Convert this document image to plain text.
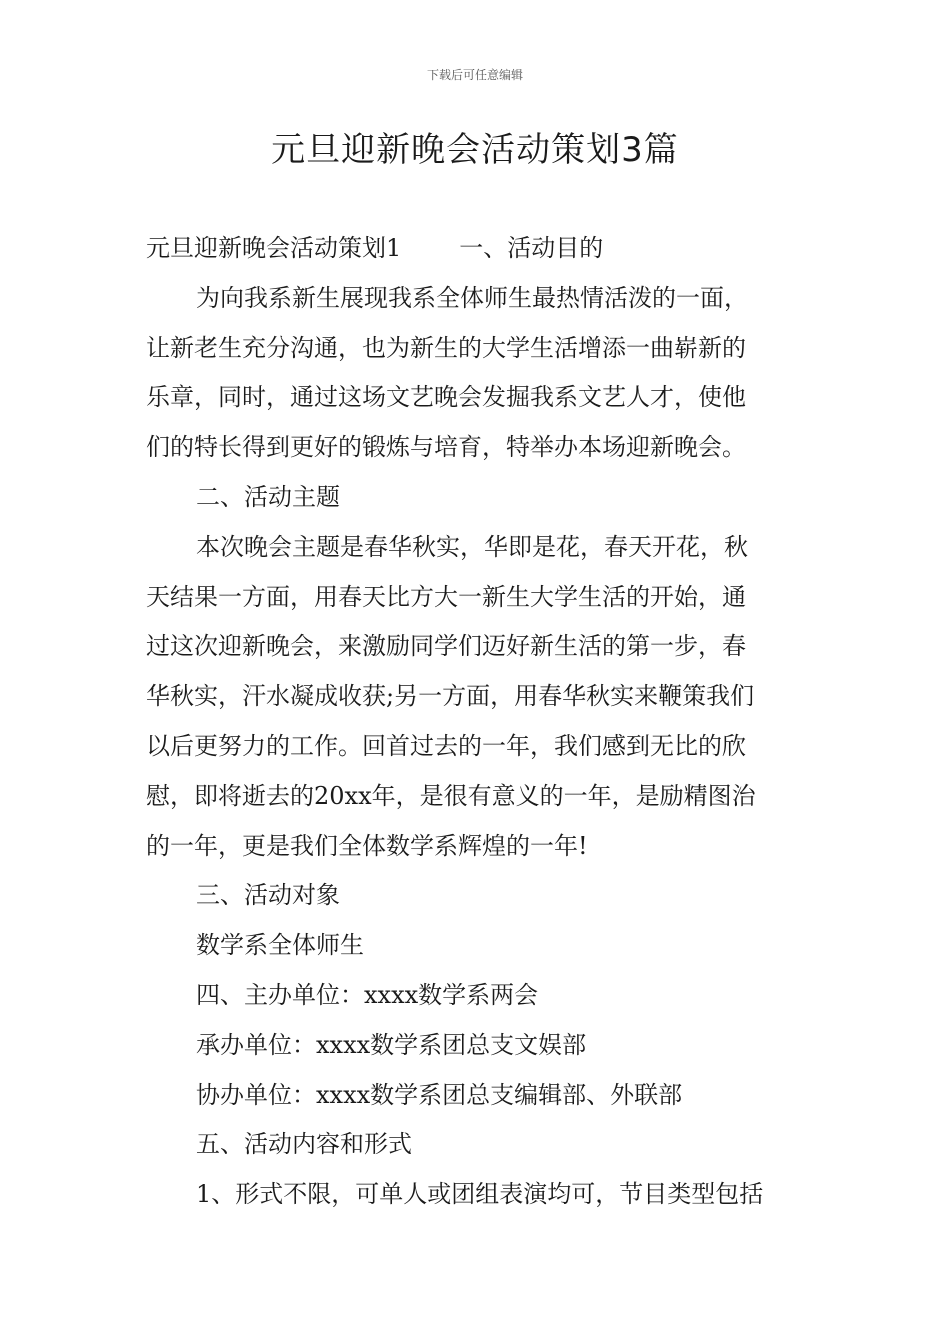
下载后可任意编辑
元旦迎新晚会活动策划3篇
元旦迎新晚会活动策划1 一、活动目的
为向我系新生展现我系全体师生最热情活泼的一面，
让新老生充分沟通，也为新生的大学生活增添一曲崭新的
乐章，同时，通过这场文艺晚会发掘我系文艺人才，使他
们的特长得到更好的锻炼与培育，特举办本场迎新晚会。
二、活动主题
本次晚会主题是春华秋实，华即是花，春天开花，秋
天结果一方面，用春天比方大一新生大学生活的开始，通
过这次迎新晚会，来激励同学们迈好新生活的第一步，春
华秋实，汗水凝成收获;另一方面，用春华秋实来鞭策我们
以后更努力的工作。回首过去的一年，我们感到无比的欣
慰，即将逝去的20xx年，是很有意义的一年，是励精图治
的一年，更是我们全体数学系辉煌的一年!
三、活动对象
数学系全体师生
四、主办单位：xxxx数学系两会
承办单位：xxxx数学系团总支文娱部
协办单位：xxxx数学系团总支编辑部、外联部
五、活动内容和形式
1、形式不限，可单人或团组表演均可，节目类型包括
